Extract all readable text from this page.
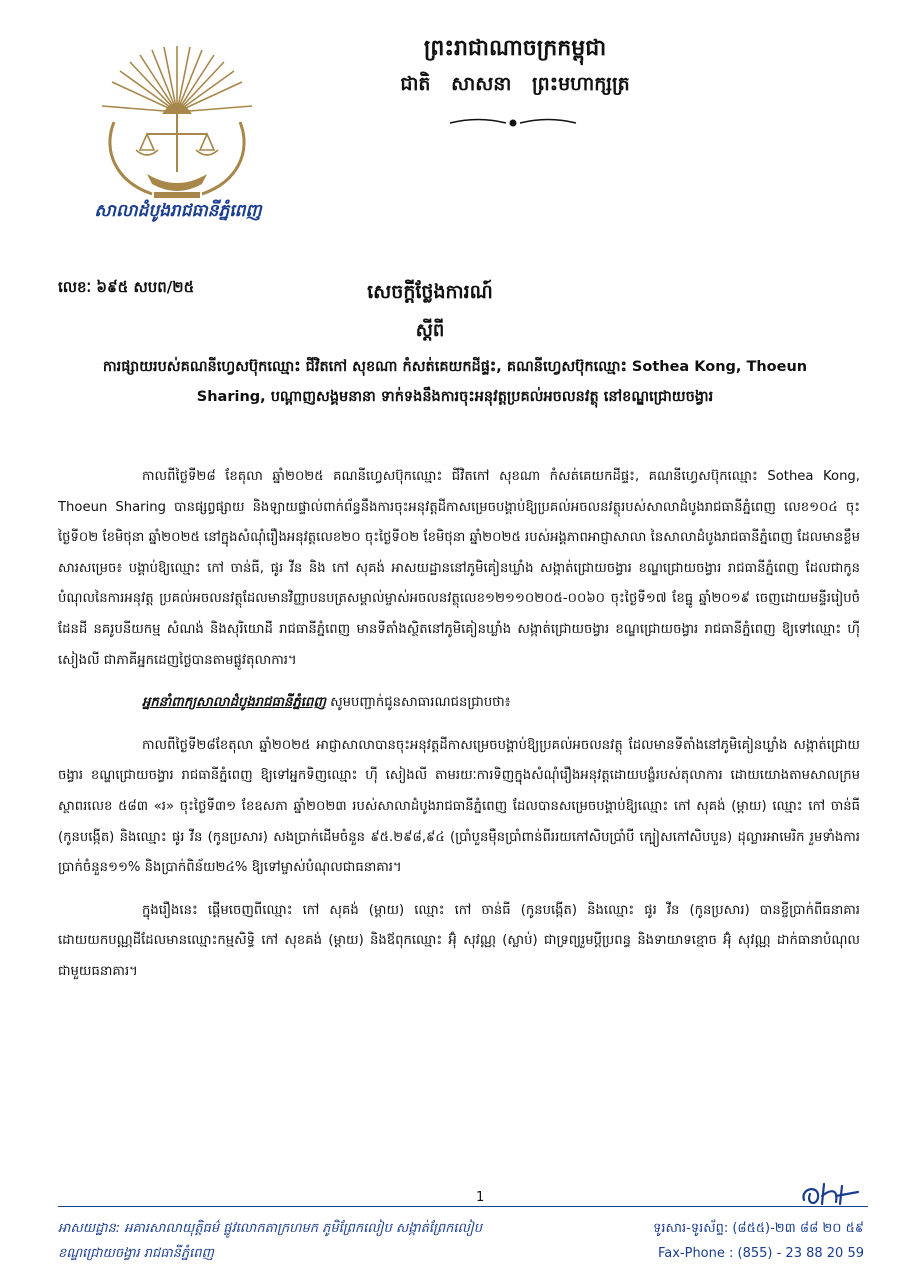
សាលាដំបូងរាជធានីភ្នំពេញ
ព្រះរាជាណាចក្រកម្ពុជា
ជាតិ សាសនា ព្រះមហាក្សត្រ
លេខៈ ៦៩៥ សបព/២៥	សេចក្ដីថ្លែងការណ៍
ស្ដីពី
ការផ្សាយរបស់គណនីហ្វេសប៊ុកឈ្មោះ ជីវិតកៅ សុខណា កំសត់គេយកដីផ្ទះ, គណនីហ្វេសប៊ុកឈ្មោះ Sothea Kong, Thoeun Sharing, បណ្ដាញសង្គមនានា ទាក់ទងនឹងការចុះអនុវត្តប្រគល់អចលនវត្ថុ នៅខណ្ឌជ្រោយចង្វារ

កាលពីថ្ងៃទី២៨ ខែតុលា ឆ្នាំ២០២៥ គណនីហ្វេសប៊ុកឈ្មោះ ជីវិតកៅ សុខណា កំសត់គេយកដីផ្ទះ, គណនីហ្វេសប៊ុកឈ្មោះ Sothea Kong, Thoeun Sharing បានផ្សព្វផ្សាយ និងឡាយផ្ទាល់ពាក់ព័ន្ធនឹងការចុះអនុវត្តដីកាសម្រេចបង្គាប់ឱ្យប្រគល់អចលនវត្ថុរបស់សាលាដំបូងរាជធានីភ្នំពេញ លេខ១០៤ ចុះថ្ងៃទី០២ ខែមិថុនា ឆ្នាំ២០២៥ នៅក្នុងសំណុំរឿងអនុវត្តលេខ២០ ចុះថ្ងៃទី០២ ខែមិថុនា ឆ្នាំ២០២៥ របស់អង្គភាពអាជ្ញាសាលា នៃសាលាដំបូងរាជធានីភ្នំពេញ ដែលមានខ្លឹមសារសម្រេច៖ បង្គាប់ឱ្យឈ្មោះ កៅ ចាន់ធី, ផូរ វីន និង កៅ សុគង់ អាសយដ្ឋាននៅភូមិគៀនឃ្លាំង សង្កាត់ជ្រោយចង្វារ ខណ្ឌជ្រោយចង្វារ រាជធានីភ្នំពេញ ដែលជាកូនបំណុលនៃការអនុវត្ត ប្រគល់អចលនវត្ថុដែលមានវិញ្ញាបនបត្រសម្គាល់ម្ចាស់អចលនវត្ថុលេខ១២១១០២០៥-០០៦០ ចុះថ្ងៃទី១៧ ខែធ្នូ ឆ្នាំ២០១៩ ចេញដោយមន្ទីររៀបចំដែនដី នគរូបនីយកម្ម សំណង់ និងសុរិយោដី រាជធានីភ្នំពេញ មានទីតាំងស្ថិតនៅភូមិគៀនឃ្លាំង សង្កាត់ជ្រោយចង្វារ ខណ្ឌជ្រោយចង្វារ រាជធានីភ្នំពេញ ឱ្យទៅឈ្មោះ ហ៊ី សៀងលី ជាភាគីអ្នកដេញថ្លៃបានតាមផ្លូវតុលាការ។

អ្នកនាំពាក្យសាលាដំបូងរាជធានីភ្នំពេញ សូមបញ្ជាក់ជូនសាធារណជនជ្រាបថា៖

កាលពីថ្ងៃទី២៨ខែតុលា ឆ្នាំ២០២៥ អាជ្ញាសាលាបានចុះអនុវត្តដីកាសម្រេចបង្គាប់ឱ្យប្រគល់អចលនវត្ថុ ដែលមានទីតាំងនៅភូមិគៀនឃ្លាំង សង្កាត់ជ្រោយចង្វារ ខណ្ឌជ្រោយចង្វារ រាជធានីភ្នំពេញ ឱ្យទៅអ្នកទិញឈ្មោះ ហ៊ី សៀងលី តាមរយៈការទិញក្នុងសំណុំរឿងអនុវត្តដោយបង្ខំរបស់តុលាការ ដោយយោងតាមសាលក្រមស្ថាពរលេខ ៥៨៣ «រ» ចុះថ្ងៃទី៣១ ខែឧសភា ឆ្នាំ២០២៣ របស់សាលាដំបូងរាជធានីភ្នំពេញ ដែលបានសម្រេចបង្គាប់ឱ្យឈ្មោះ កៅ សុគង់ (ម្ដាយ) ឈ្មោះ កៅ ចាន់ធី (កូនបង្កើត) និងឈ្មោះ ផូរ វីន (កូនប្រសារ) សងប្រាក់ដើមចំនួន ៩៥.២៩៨,៩៤ (ប្រាំបួនម៉ឺនប្រាំពាន់ពីររយកៅសិបប្រាំបី ក្បៀសកៅសិបបួន) ដុល្លារអាមេរិក រួមទាំងការប្រាក់ចំនួន១១% និងប្រាក់ពិន័យ២៤% ឱ្យទៅម្ចាស់បំណុលជាធនាគារ។

ក្នុងរឿងនេះ ផ្ដើមចេញពីឈ្មោះ កៅ សុគង់ (ម្ដាយ) ឈ្មោះ កៅ ចាន់ធី (កូនបង្កើត) និងឈ្មោះ ផូរ វីន (កូនប្រសារ) បានខ្ចីប្រាក់ពីធនាគារ ដោយយកបណ្ណដីដែលមានឈ្មោះកម្មសិទ្ធិ កៅ សុខគង់ (ម្ដាយ) និងឪពុកឈ្មោះ អ៊ុំ សុវណ្ណ (ស្លាប់) ជាទ្រព្យរួមប្ដីប្រពន្ធ និងទាយាទខ្មោច អ៊ុំ សុវណ្ណ ដាក់ធានាបំណុលជាមួយធនាគារ។

1
អាសយដ្ឋាន: អគារសាលាយុត្តិធម៌ ផ្លូវលោកតាក្រហមក ភូមិព្រែកលៀប សង្កាត់ព្រែកលៀប
ខណ្ឌជ្រោយចង្វារ រាជធានីភ្នំពេញ
ទូរសារ-ទូរស័ព្ទ: (៨៥៥)-២៣ ៨៨ ២០ ៥៩
Fax-Phone : (855) - 23 88 20 59
